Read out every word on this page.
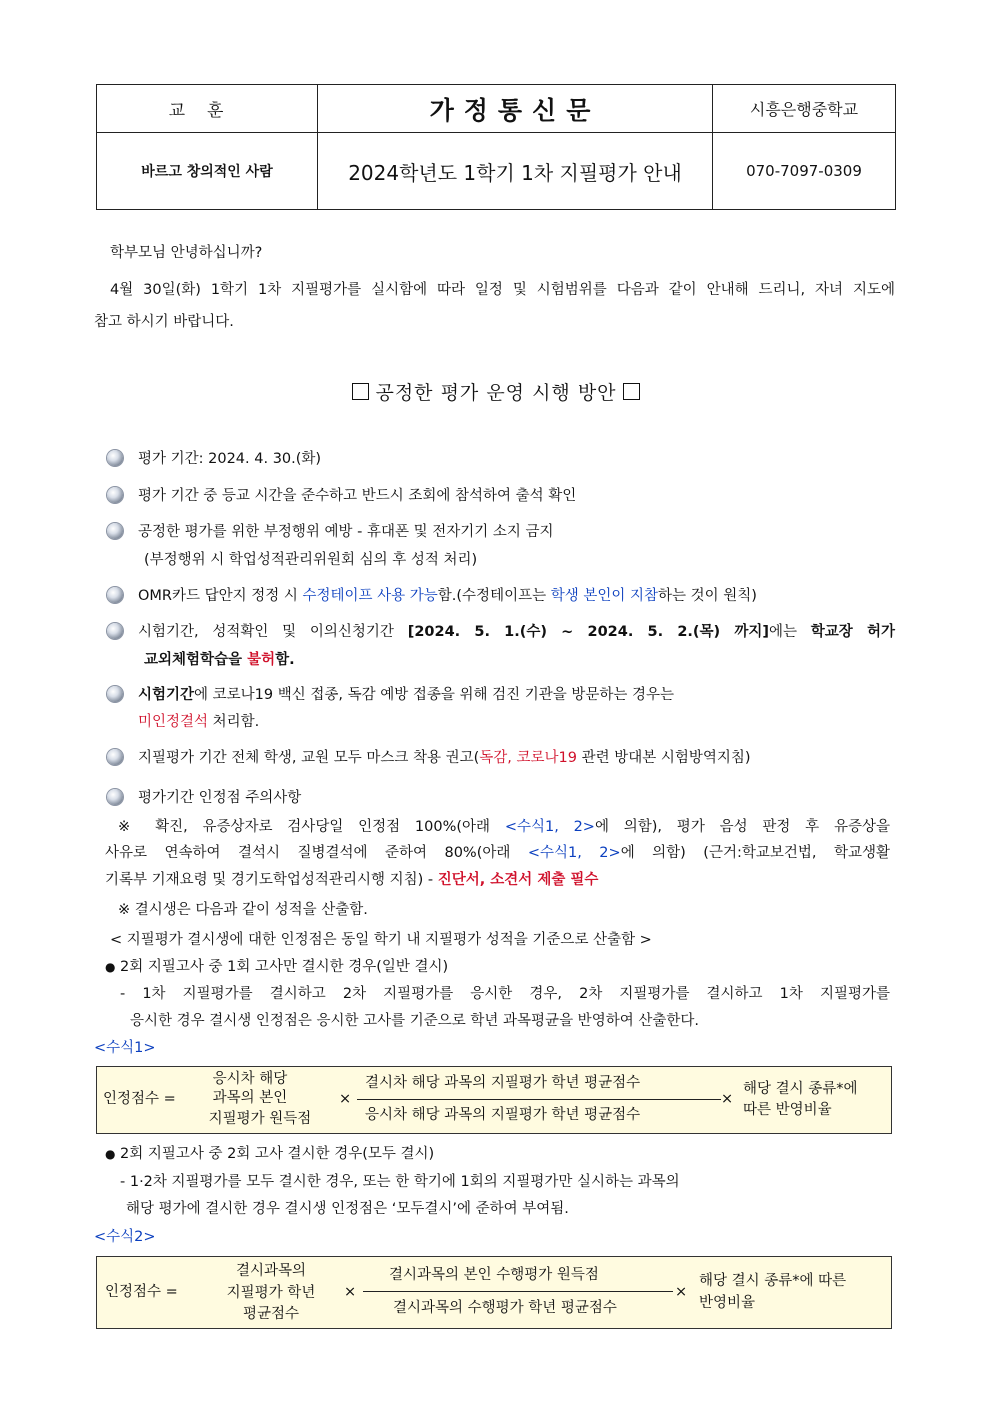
교훈	가정통신문	시흥은행중학교
바르고 창의적인 사람	2024학년도 1학기 1차 지필평가 안내	070-7097-0309
학부모님 안녕하십니까?
4월 30일(화) 1학기 1차 지필평가를 실시함에 따라 일정 및 시험범위를 다음과 같이 안내해 드리니, 자녀 지도에
참고 하시기 바랍니다.
공정한 평가 운영 시행 방안
평가 기간: 2024. 4. 30.(화)
평가 기간 중 등교 시간을 준수하고 반드시 조회에 참석하여 출석 확인
공정한 평가를 위한 부정행위 예방 - 휴대폰 및 전자기기 소지 금지
(부정행위 시 학업성적관리위원회 심의 후 성적 처리)
OMR카드 답안지 정정 시 수정테이프 사용 가능함.(수정테이프는 학생 본인이 지참하는 것이 원칙)
시험기간, 성적확인 및 이의신청기간 [2024. 5. 1.(수) ~ 2024. 5. 2.(목) 까지]에는 학교장 허가
교외체험학습을 불허함.
시험기간에 코로나19 백신 접종, 독감 예방 접종을 위해 검진 기관을 방문하는 경우는
미인정결석 처리함.
지필평가 기간 전체 학생, 교원 모두 마스크 착용 권고(독감, 코로나19 관련 방대본 시험방역지침)
평가기간 인정점 주의사항
※ 확진, 유증상자로 검사당일 인정점 100%(아래 <수식1, 2>에 의함), 평가 음성 판정 후 유증상을
사유로 연속하여 결석시 질병결석에 준하여 80%(아래 <수식1, 2>에 의함) (근거:학교보건법, 학교생활
기록부 기재요령 및 경기도학업성적관리시행 지침) - 진단서, 소견서 제출 필수
※ 결시생은 다음과 같이 성적을 산출함.
< 지필평가 결시생에 대한 인정점은 동일 학기 내 지필평가 성적을 기준으로 산출함 >
● 2회 지필고사 중 1회 고사만 결시한 경우(일반 결시)
- 1차 지필평가를 결시하고 2차 지필평가를 응시한 경우, 2차 지필평가를 결시하고 1차 지필평가를
응시한 경우 결시생 인정점은 응시한 고사를 기준으로 학년 과목평균을 반영하여 산출한다.
<수식1>
인정점수 =
응시차 해당
과목의 본인
지필평가 원득점
×
결시차 해당 과목의 지필평가 학년 평균점수
응시차 해당 과목의 지필평가 학년 평균점수
×
해당 결시 종류*에
따른 반영비율
● 2회 지필고사 중 2회 고사 결시한 경우(모두 결시)
- 1·2차 지필평가를 모두 결시한 경우, 또는 한 학기에 1회의 지필평가만 실시하는 과목의
해당 평가에 결시한 경우 결시생 인정점은 ‘모두결시’에 준하여 부여됨.
<수식2>
인정점수 =
결시과목의
지필평가 학년
평균점수
×
결시과목의 본인 수행평가 원득점
결시과목의 수행평가 학년 평균점수
×
해당 결시 종류*에 따른
반영비율
